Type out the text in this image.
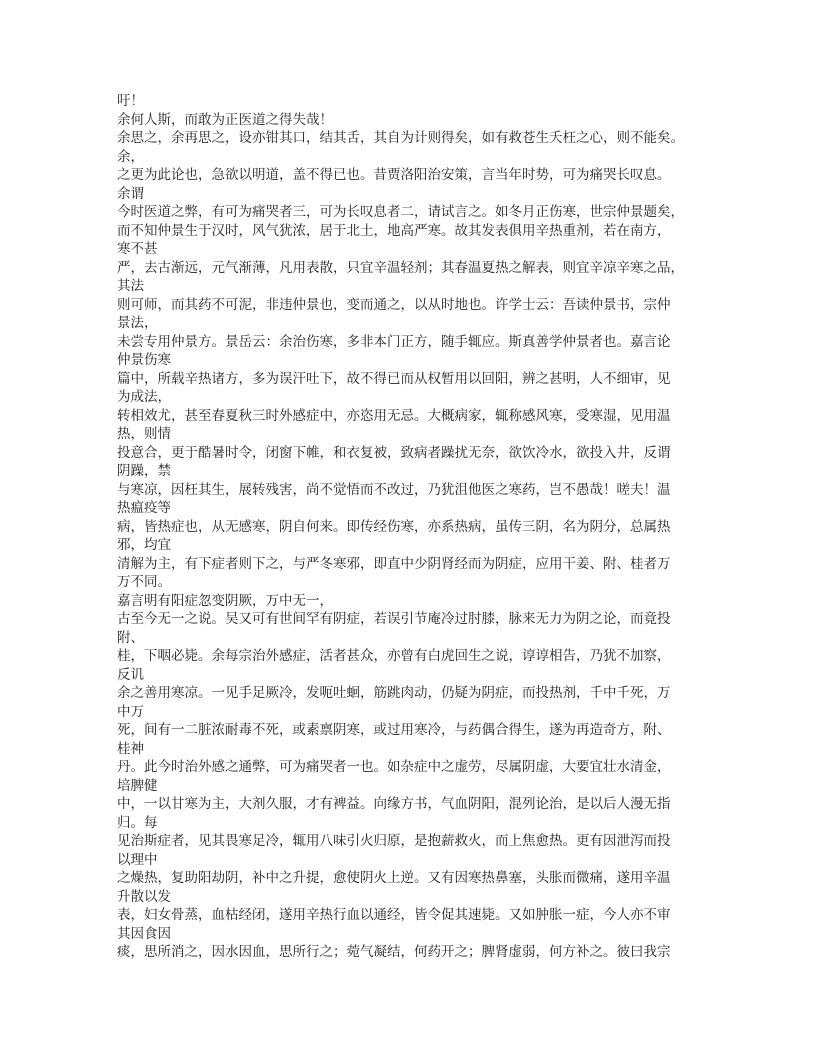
吁！
余何人斯，而敢为正医道之得失哉！
余思之，余再思之，设亦钳其口，结其舌，其自为计则得矣，如有救苍生夭枉之心，则不能矣。
余，
之更为此论也，急欲以明道，盖不得已也。昔贾洛阳治安策，言当年时势，可为痛哭长叹息。
余谓
今时医道之弊，有可为痛哭者三，可为长叹息者二，请试言之。如冬月正伤寒，世宗仲景题矣，
而不知仲景生于汉时，风气犹浓，居于北土，地高严寒。故其发表俱用辛热重剂，若在南方，
寒不甚
严，去古渐远，元气渐薄，凡用表散，只宜辛温轻剂；其春温夏热之解表，则宜辛凉辛寒之品，
其法
则可师，而其药不可泥，非违仲景也，变而通之，以从时地也。许学士云：吾读仲景书，宗仲
景法，
未尝专用仲景方。景岳云：余治伤寒，多非本门正方，随手辄应。斯真善学仲景者也。嘉言论
仲景伤寒
篇中，所载辛热诸方，多为误汗吐下，故不得已而从权暂用以回阳，辨之甚明，人不细审，见
为成法，
转相效尤，甚至春夏秋三时外感症中，亦恣用无忌。大概病家，辄称感风寒，受寒湿，见用温
热，则情
投意合，更于酷暑时令，闭窗下帷，和衣复被，致病者躁扰无奈，欲饮冷水，欲投入井，反谓
阴躁，禁
与寒凉，因枉其生，展转残害，尚不觉悟而不改过，乃犹沮他医之寒药，岂不愚哉！嗟夫！温
热瘟疫等
病，皆热症也，从无感寒，阴自何来。即传经伤寒，亦系热病，虽传三阴，名为阴分，总属热
邪，均宜
清解为主，有下症者则下之，与严冬寒邪，即直中少阴肾经而为阴症，应用干姜、附、桂者万
万不同。
嘉言明有阳症忽变阴厥，万中无一，
古至今无一之说。吴又可有世间罕有阴症，若误引节庵冷过肘膝，脉来无力为阴之论，而竟投
附、
桂，下咽必毙。余每宗治外感症，活者甚众，亦曾有白虎回生之说，谆谆相告，乃犹不加察，
反讥
余之善用寒凉。一见手足厥冷，发呃吐蛔，筋跳肉动，仍疑为阴症，而投热剂，千中千死，万
中万
死，间有一二脏浓耐毒不死，或素禀阴寒，或过用寒冷，与药偶合得生，遂为再造奇方，附、
桂神
丹。此今时治外感之通弊，可为痛哭者一也。如杂症中之虚劳，尽属阴虚，大要宜壮水清金，
培脾健
中，一以甘寒为主，大剂久服，才有裨益。向缘方书，气血阴阳，混列论治，是以后人漫无指
归。每
见治斯症者，见其畏寒足冷，辄用八味引火归原，是抱薪救火，而上焦愈热。更有因泄泻而投
以理中
之燥热，复助阳劫阴，补中之升提，愈使阴火上逆。又有因寒热鼻塞，头胀而微痛，遂用辛温
升散以发
表，妇女骨蒸，血枯经闭，遂用辛热行血以通经，皆令促其速毙。又如肿胀一症，今人亦不审
其因食因
痰，思所消之，因水因血，思所行之；菀气凝结，何药开之；脾肾虚弱，何方补之。彼曰我宗
